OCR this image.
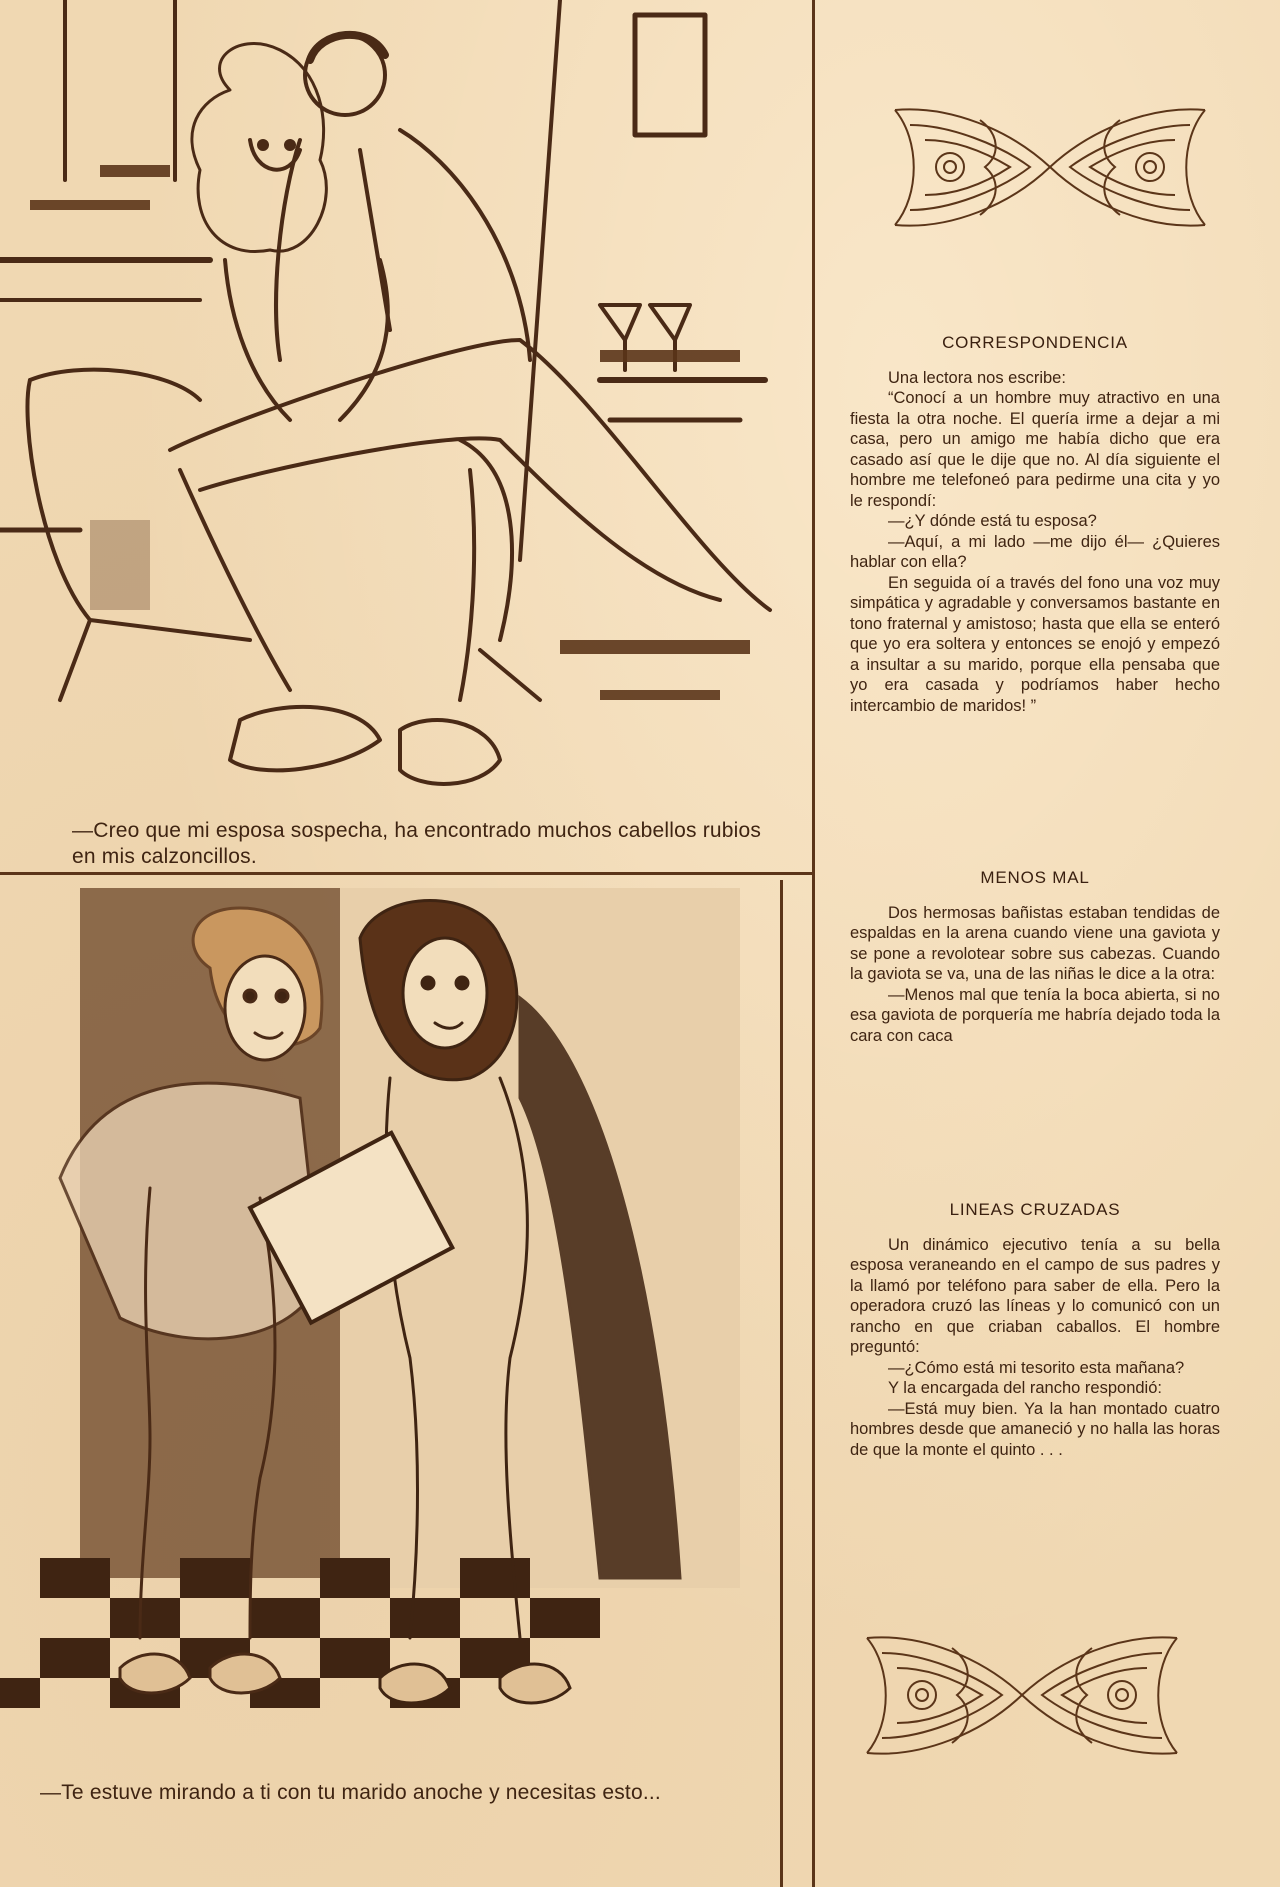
—Creo que mi esposa sospecha, ha encontrado muchos cabellos rubios en mis calzoncillos.
—Te estuve mirando a ti con tu marido anoche y necesitas esto...
CORRESPONDENCIA

Una lectora nos escribe:

“Conocí a un hombre muy atractivo en una fiesta la otra noche. El quería irme a dejar a mi casa, pero un amigo me había dicho que era casado así que le dije que no. Al día siguiente el hombre me telefoneó para pedirme una cita y yo le respondí:

—¿Y dónde está tu esposa?

—Aquí, a mi lado —me dijo él— ¿Quieres hablar con ella?

En seguida oí a través del fono una voz muy simpática y agradable y conversamos bastante en tono fraternal y amistoso; hasta que ella se enteró que yo era soltera y entonces se enojó y empezó a insultar a su marido, porque ella pensaba que yo era casada y podríamos haber hecho intercambio de maridos! ”

MENOS MAL

Dos hermosas bañistas estaban tendidas de espaldas en la arena cuando viene una gaviota y se pone a revolotear sobre sus cabezas. Cuando la gaviota se va, una de las niñas le dice a la otra:

—Menos mal que tenía la boca abierta, si no esa gaviota de porquería me habría dejado toda la cara con caca

LINEAS CRUZADAS

Un dinámico ejecutivo tenía a su bella esposa veraneando en el campo de sus padres y la llamó por teléfono para saber de ella. Pero la operadora cruzó las líneas y lo comunicó con un rancho en que criaban caballos. El hombre preguntó:

—¿Cómo está mi tesorito esta mañana?

Y la encargada del rancho respondió:

—Está muy bien. Ya la han montado cuatro hombres desde que amaneció y no halla las horas de que la monte el quinto . . .
